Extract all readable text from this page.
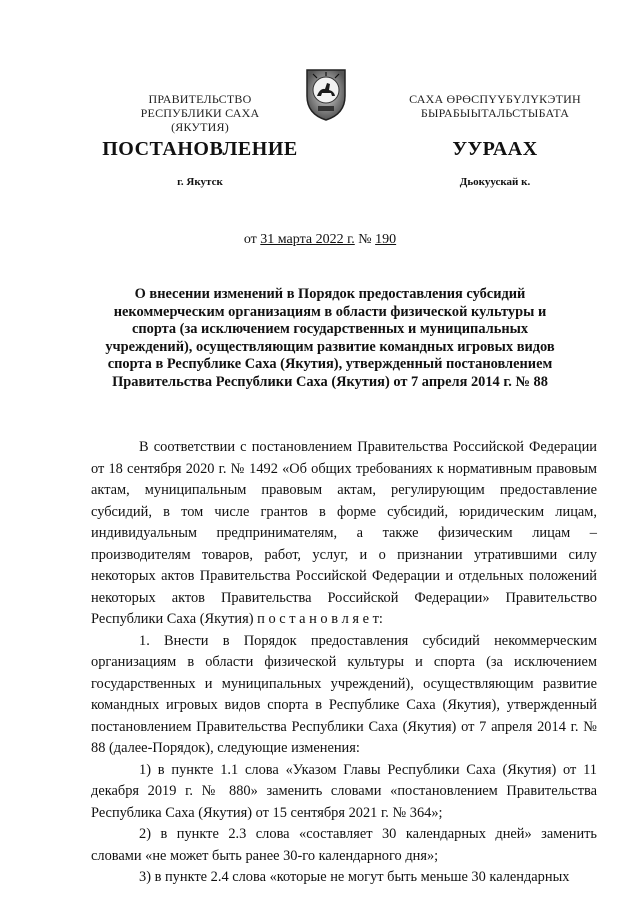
ПРАВИТЕЛЬСТВО
РЕСПУБЛИКИ САХА (ЯКУТИЯ)
САХА ӨРӨСПҮҮБҮЛҮКЭТИН
БЫРАБЫЫТАЛЬСТЫБАТА
ПОСТАНОВЛЕНИЕ	УУРААХ
г. Якутск	Дьокуускай к.
от 31 марта 2022 г. № 190
О внесении изменений в Порядок предоставления субсидий некоммерческим организациям в области физической культуры и спорта (за исключением государственных и муниципальных учреждений), осуществляющим развитие командных игровых видов спорта в Республике Саха (Якутия), утвержденный постановлением Правительства Республики Саха (Якутия) от 7 апреля 2014 г. № 88

В соответствии с постановлением Правительства Российской Федерации от 18 сентября 2020 г. № 1492 «Об общих требованиях к нормативным правовым актам, муниципальным правовым актам, регулирующим предоставление субсидий, в том числе грантов в форме субсидий, юридическим лицам, индивидуальным предпринимателям, а также физическим лицам – производителям товаров, работ, услуг, и о признании утратившими силу некоторых актов Правительства Российской Федерации и отдельных положений некоторых актов Правительства Российской Федерации» Правительство Республики Саха (Якутия) п о с т а н о в л я е т:

1. Внести в Порядок предоставления субсидий некоммерческим организациям в области физической культуры и спорта (за исключением государственных и муниципальных учреждений), осуществляющим развитие командных игровых видов спорта в Республике Саха (Якутия), утвержденный постановлением Правительства Республики Саха (Якутия) от 7 апреля 2014 г. № 88 (далее-Порядок), следующие изменения:

1) в пункте 1.1 слова «Указом Главы Республики Саха (Якутия) от 11 декабря 2019 г. № 880» заменить словами «постановлением Правительства Республика Саха (Якутия) от 15 сентября 2021 г. № 364»;

2) в пункте 2.3 слова «составляет 30 календарных дней» заменить словами «не может быть ранее 30-го календарного дня»;

3) в пункте 2.4 слова «которые не могут быть меньше 30 календарных
